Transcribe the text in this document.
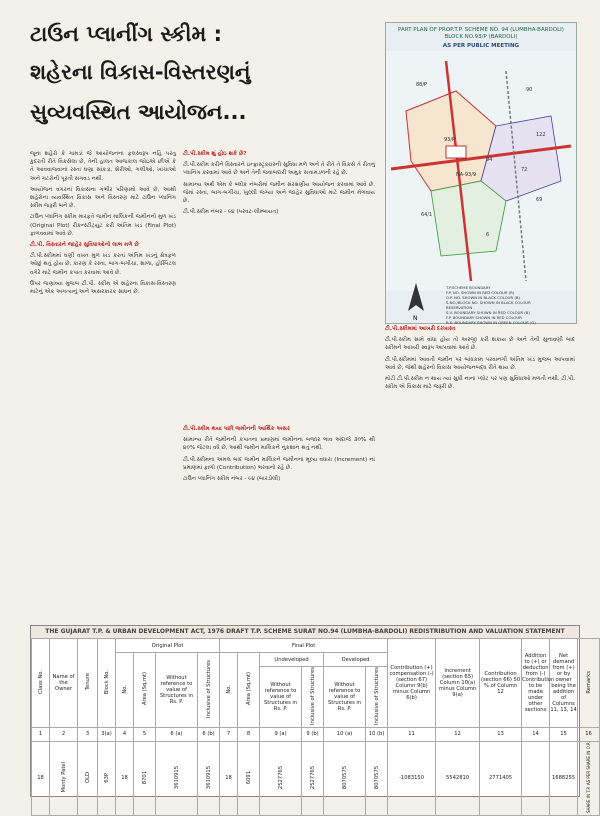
ટાઉન પ્લાનીંગ સ્કીમ :
શહેરના વિકાસ-વિસ્તરણનું
સુવ્યવસ્થિત આયોજન...
PART PLAN OF PROP.T.P. SCHEME NO. 94 (LUMBHA-BARDOLI)
BLOCK NO.93/P (BARDOLI)
AS PER PUBLIC MEETING
88/P
90
93/P
122
72
94
69
64/1
NA-93/9
6
N
T.P.SCHEME BOUNDARY
F.P. NO. SHOWN IN RED COLOUR (R)
O.P. NO. SHOWN IN BLACK COLOUR (B)
S.NO./BLOCK NO. SHOWN IN BLACK COLOUR
RESERVATION
S.V. BOUNDARY SHOWN IN RED COLOUR (B)
F.P. BOUNDARY SHOWN IN RED COLOUR
R.S. BOUNDARY SHOWN IN GREEN COLOUR (G)

જૂના શહેરો કે ગામડાં જે આયોજનના ફલસ્વરૂપ નહિ પરંતુ કુદરતી રીતે વિકસેલા છે, તેની હાલત આજકાલ જોઇએ છીએ કે તે આવવાજવાનાં રસ્તા ઘણા સાંકડા, શેરીઓ, ગલીઓ, ખાંચાઓ અને ગટરોની પૂરતી સગવડ નથી.

આયોજન વગરનાં વિકાસના ગંભીર પરિણામો આવે છે, આથી શહેરોના વ્યવસ્થિત વિકાસ અને વિસ્તરણ માટે ટાઉન પ્લાનિંગ સ્કીમ જરૂરી બને છે.

ટાઉન પ્લાનિંગ સ્કીમ મારફતે જમીન માલિકની જમીનનો મુળ ખંડ (Original Plot) રીકન્સ્ટીટ્યુટ કરી અંતિમ ખંડ (Final Plot) ફાળવવામાં આવે છે.

ટી.પી. વિસ્તારને જાહેર સુવિધાઓનો લાભ મળે છે

ટી.પી.સ્કીમમાં ઘણી વખત મુળ ખંડ કરતાં અંતિમ ખંડનું ક્ષેત્રફળ ઓછું થતું હોય છે, કારણ કે રસ્તા, બાગ-બગીચા, શાળા, હોસ્પિટલ વગેરે માટે જમીન કપાત કરવામાં આવે છે.

ઉપર જણાવ્યા મુજબ ટી.પી. સ્કીમ એ શહેરના વિકાસ-વિસ્તરણ માટેનું એક અગત્યનું અને અસરકારક સાધન છે.

ટી.પી.સ્કીમ શું હોઇ શકે છે?

ટી.પી.સ્કીમ કરીને વિસ્તારને ઇન્ફ્રાસ્ટ્રક્ચરની સુવિધા મળે અને તે રીતે તે વિકસે તે રીતનું પ્લાનિંગ કરવામાં આવે છે અને તેની જવાબદારી અમુક સત્તામંડળની રહે છે.

સામાન્ય અર્થ એમ કે બ્લોક નંબરોમાં જમીન સંરક્ષણીય આયોજન કરવામાં આવે છે. જેમાં રસ્તા, બાગ-બગીચા, ખુલ્લી જગ્યા અને જાહેર સુવિધાઓ માટે જમીન મેળવાય છે.

ટી.પી.સ્કીમ નંબર - ૯૪ (પરવટ-લીમ્બાયત)

ટી.પી.સ્કીમ થયા પછી જમીનની આર્થિક અસર

સામાન્ય રીતે જમીનની કપાતના પ્રમાણમાં જમીનના બજાર ભાવ અંદાજે ૩૦% થી ૪૦% જેટલા વધે છે, આથી જમીન માલિકને નુકશાન થતું નથી.

ટી.પી.સ્કીમના અમલ બાદ જમીન માલિકને જમીનના મૂલ્ય વધારા (Increment) ના પ્રમાણમાં ફાળો (Contribution) ભરવાનો રહે છે.

ટાઉન પ્લાનિંગ સ્કીમ નંબર - ૯૪ (બારડોલી)

ટી.પી.સ્કીમમાં આખરી દરખાસ્ત

ટી.પી.સ્કીમ સામે વાંધા હોય તો અરજી કરી શકાય છે અને તેની સુનાવણી બાદ સ્કીમને આખરી સ્વરૂપ આપવામાં આવે છે.

ટી.પી.સ્કીમમાં આવતી જમીન પર બાંધકામ પરવાનગી અંતિમ ખંડ મુજબ આપવામાં આવે છે, જેથી શહેરનો વિકાસ આયોજનબદ્ધ રીતે થાય છે.

મોટી ટી.પી.સ્કીમ ન થાય ત્યાં સુધી નાના પ્લોટ પર પણ સુવિધાઓ મળતી નથી. ટી.પી. સ્કીમ એ વિકાસ માટે જરૂરી છે.

THE GUJARAT T.P. & URBAN DEVELOPMENT ACT, 1976 DRAFT T.P. SCHEME SURAT NO.94 (LUMBHA-BARDOLI) REDISTRIBUTION AND VALUATION STATEMENT
Class No.	Name of the Owner	Tenure	Block No.	Original Plot				Final Plot						Contribution (+) compensation (-) (section 67) Column 9(b) minus Column 6(b)	Increment (section 65) Column 10(a) minus Column 9(a)	Contribution (section 66) 50 % of Column 12	Addition to (+) or deduction from (-) Contribution to be made under other sections	Net demand from (+) or by owner being the addition of Columns 11, 13, 14	Remarks
				No.	Area (Sq.mt)	Without reference to value of Structures in Rs. P.	Inclusive of Structures	No.	Area (Sq.mt)	Undeveloped		Developed							
										Without reference to value of Structures in Rs. P.	Inclusive of Structures	Without reference to value of Structures in Rs. P.	Inclusive of Structures						
1	2	3	3(a)	4	5	6 (a)	6 (b)	7	8	9 (a)	9 (b)	10 (a)	10 (b)	11	12	13	14	15	16
18	Monty Patel	OLD	63P	18	8701	3610915	3610915	18	6091	2527765	2527765	8070575	8070575	-1083150	5542810	2771405		1688255	SHARE IN T.P. AS PER SHARE IN O.P.
